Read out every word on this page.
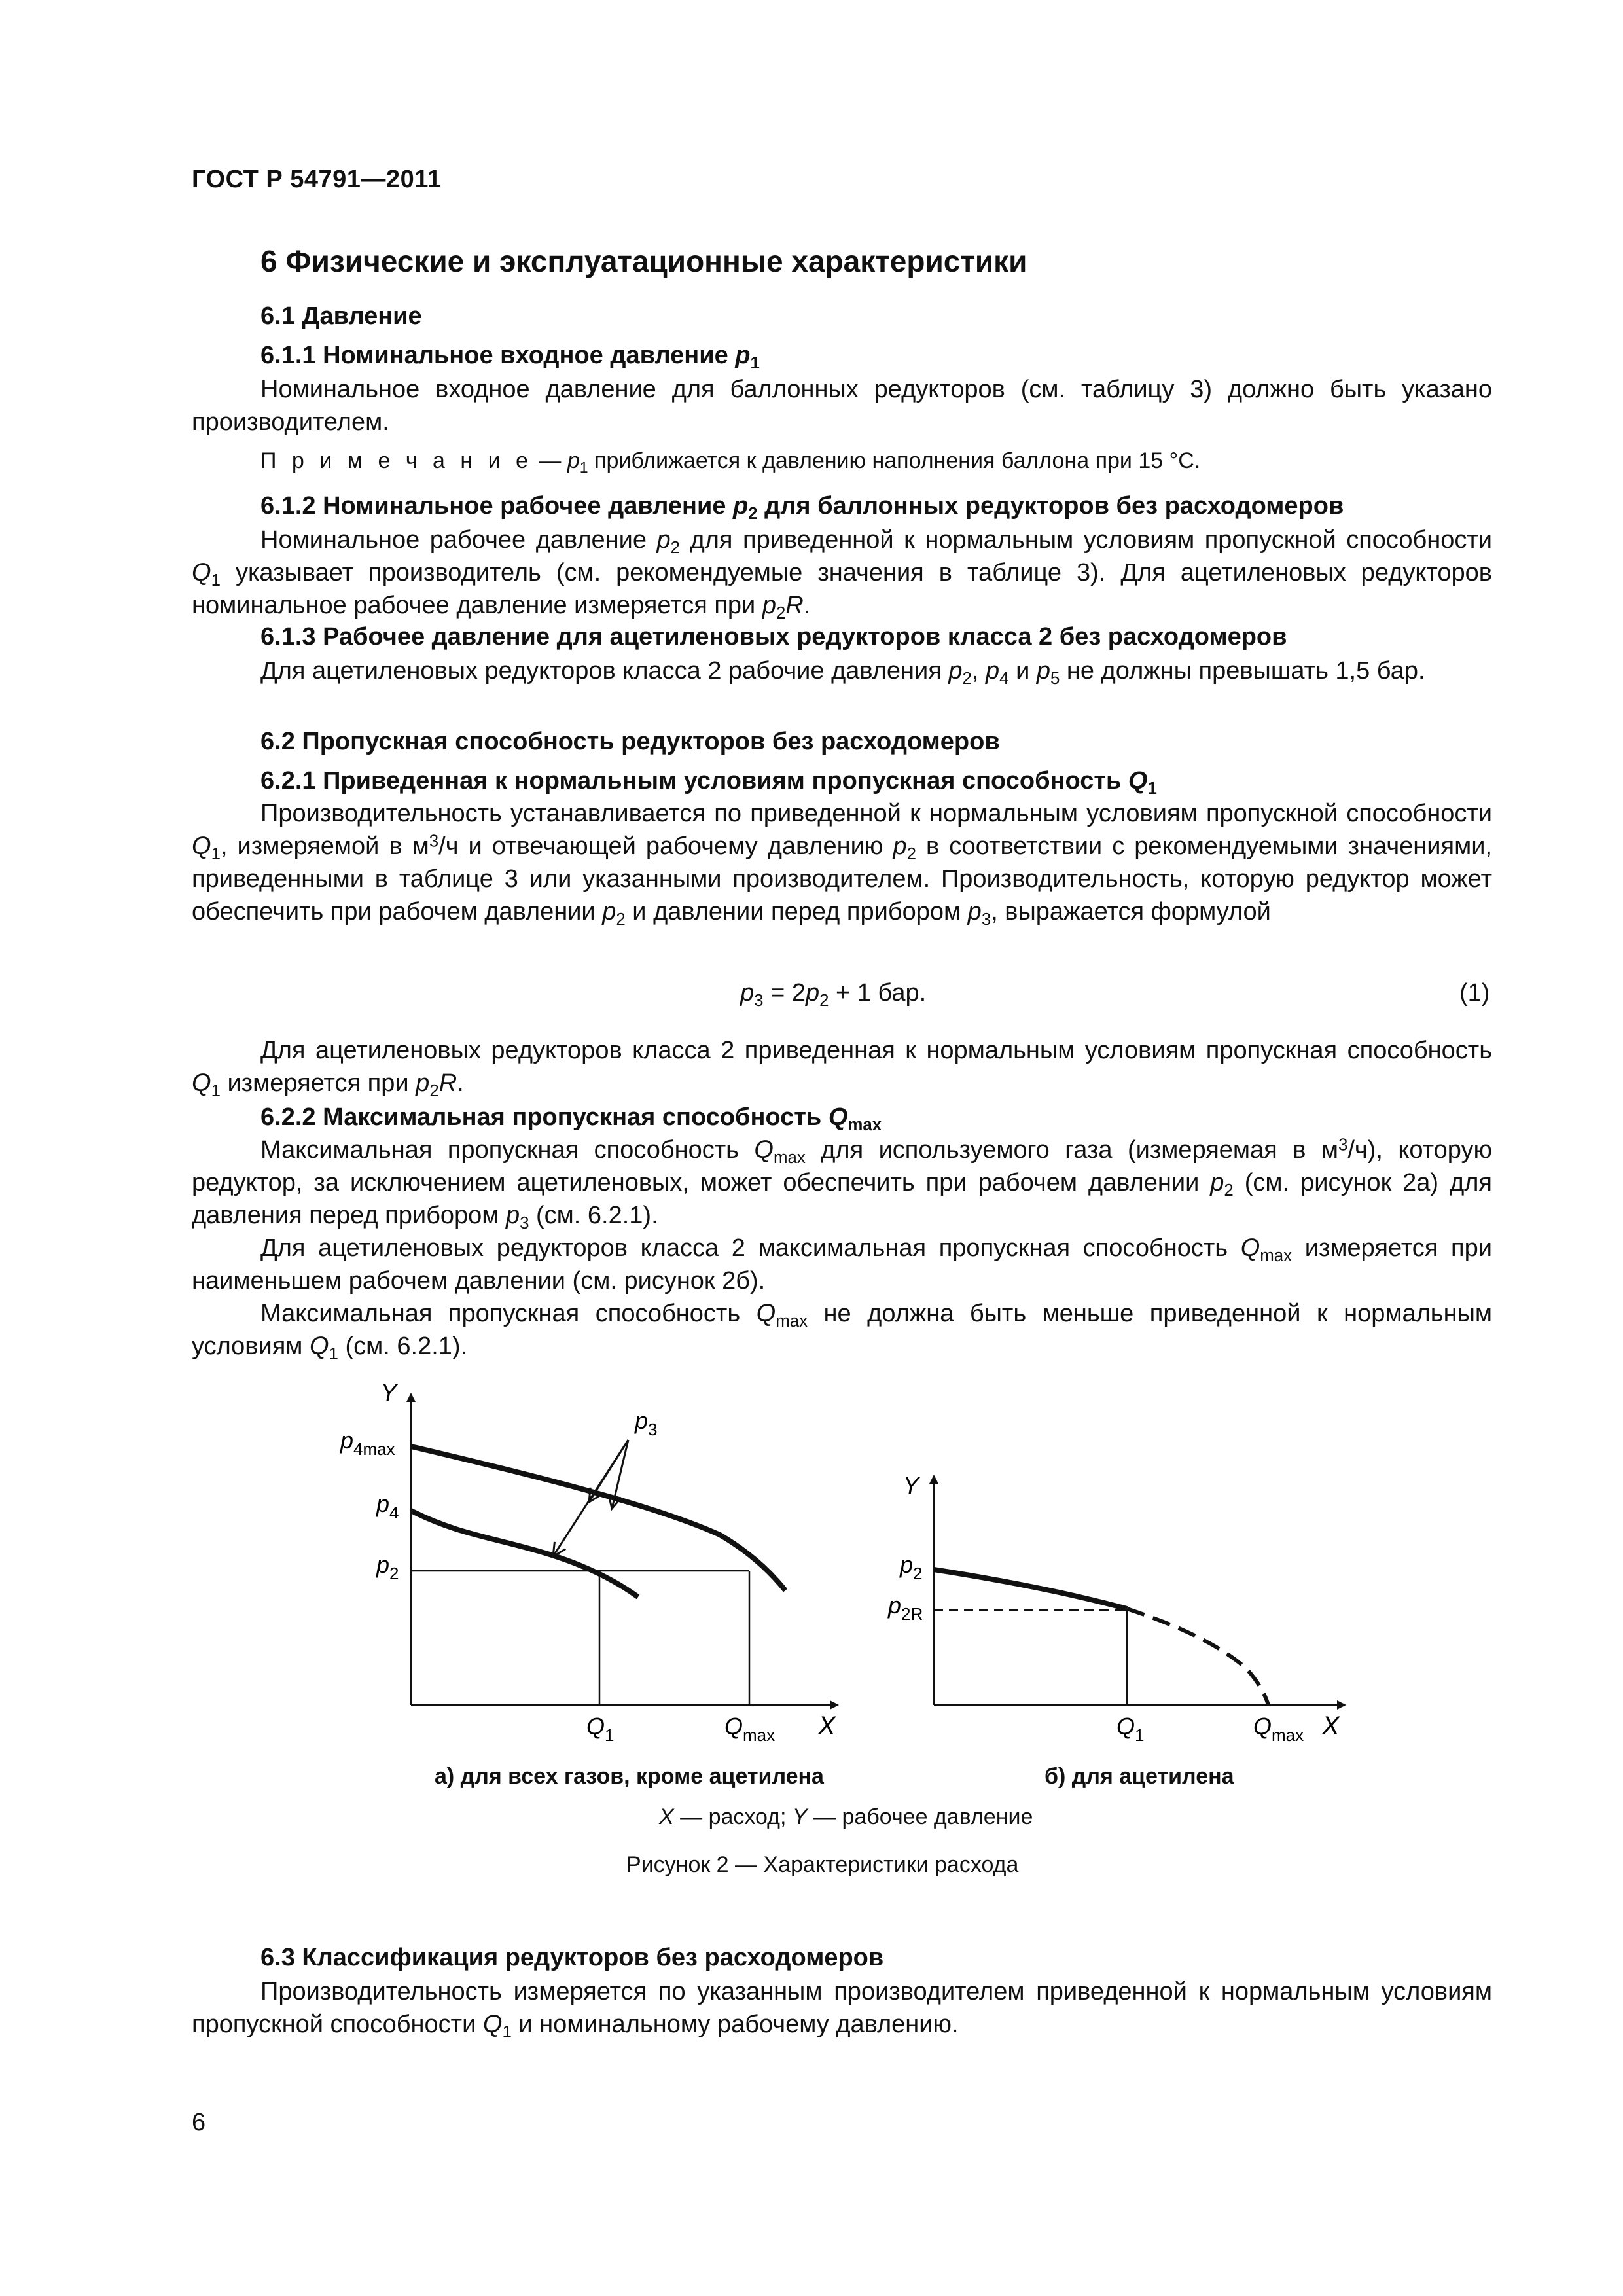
ГОСТ Р 54791—2011
6 Физические и эксплуатационные характеристики
6.1 Давление
6.1.1 Номинальное входное давление $p_1$
Номинальное входное давление для баллонных редукторов (см. таблицу 3) должно быть указано производителем.
П р и м е ч а н и е — $p_1$ приближается к давлению наполнения баллона при 15 °С.
6.1.2 Номинальное рабочее давление $p_2$ для баллонных редукторов без расходомеров
Номинальное рабочее давление $p_2$ для приведенной к нормальным условиям пропускной способности $Q_1$ указывает производитель (см. рекомендуемые значения в таблице 3). Для ацетиленовых редукторов номинальное рабочее давление измеряется при $p_2R$.
6.1.3 Рабочее давление для ацетиленовых редукторов класса 2 без расходомеров
Для ацетиленовых редукторов класса 2 рабочие давления $p_2$, $p_4$ и $p_5$ не должны превышать 1,5 бар.
6.2 Пропускная способность редукторов без расходомеров
6.2.1 Приведенная к нормальным условиям пропускная способность $Q_1$
Производительность устанавливается по приведенной к нормальным условиям пропускной способности $Q_1$, измеряемой в $м^3/ч$ и отвечающей рабочему давлению $p_2$ в соответствии с рекомендуемыми значениями, приведенными в таблице 3 или указанными производителем. Производительность, которую редуктор может обеспечить при рабочем давлении $p_2$ и давлении перед прибором $p_3$, выражается формулой
$p_3 = 2p_2 + 1$ бар.	(1)
Для ацетиленовых редукторов класса 2 приведенная к нормальным условиям пропускная способность $Q_1$ измеряется при $p_2R$.
6.2.2 Максимальная пропускная способность $Q_{max}$
Максимальная пропускная способность $Q_{max}$ для используемого газа (измеряемая в $м^3/ч$), которую редуктор, за исключением ацетиленовых, может обеспечить при рабочем давлении $p_2$ (см. рисунок 2а) для давления перед прибором $p_3$ (см. 6.2.1).
Для ацетиленовых редукторов класса 2 максимальная пропускная способность $Q_{max}$ измеряется при наименьшем рабочем давлении (см. рисунок 2б).
Максимальная пропускная способность $Q_{max}$ не должна быть меньше приведенной к нормальным условиям $Q_1$ (см. 6.2.1).
Y
X
$p_{4max}$
$p_4$
$p_2$
$p_3$
$Q_1$	$Q_{max}$
Y
X
$p_2$
$p_{2R}$
$Q_1$	$Q_{max}$
а) для всех газов, кроме ацетилена	б) для ацетилена
X — расход; Y — рабочее давление
Рисунок 2 — Характеристики расхода
6.3 Классификация редукторов без расходомеров
Производительность измеряется по указанным производителем приведенной к нормальным условиям пропускной способности $Q_1$ и номинальному рабочему давлению.
6
